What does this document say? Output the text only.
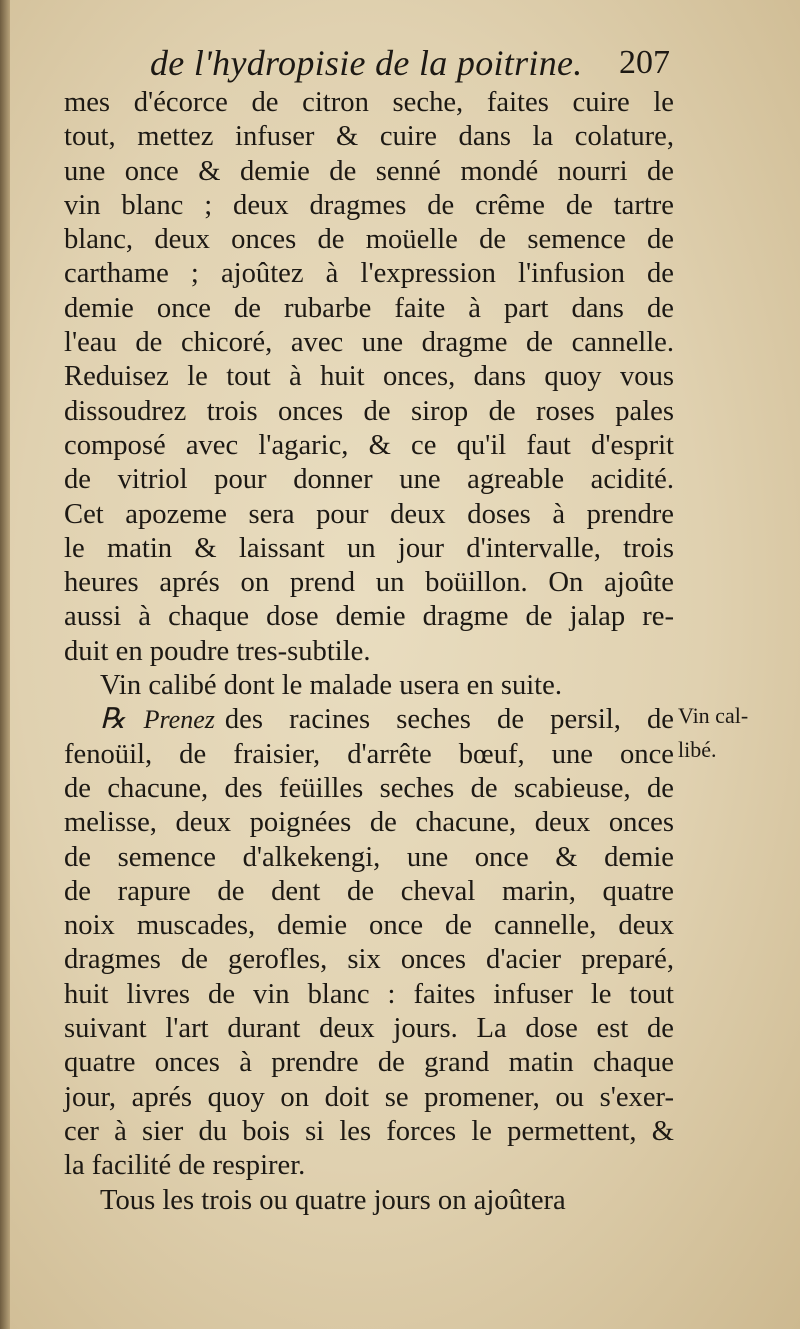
de l'hydropisie de la poitrine. 207
mes d'écorce de citron seche, faites cuire le
tout, mettez infuser & cuire dans la colature,
une once & demie de senné mondé nourri de
vin blanc ; deux dragmes de crême de tartre
blanc, deux onces de moüelle de semence de
carthame ; ajoûtez à l'expression l'infusion de
demie once de rubarbe faite à part dans de
l'eau de chicoré, avec une dragme de cannelle.
Reduisez le tout à huit onces, dans quoy vous
dissoudrez trois onces de sirop de roses pales
composé avec l'agaric, & ce qu'il faut d'esprit
de vitriol pour donner une agreable acidité.
Cet apozeme sera pour deux doses à prendre
le matin & laissant un jour d'intervalle, trois
heures aprés on prend un boüillon. On ajoûte
aussi à chaque dose demie dragme de jalap re-
duit en poudre tres-subtile.
Vin calibé dont le malade usera en suite.
℞ Prenez des racines seches de persil, de
fenoüil, de fraisier, d'arrête bœuf, une once
de chacune, des feüilles seches de scabieuse, de
melisse, deux poignées de chacune, deux onces
de semence d'alkekengi, une once & demie
de rapure de dent de cheval marin, quatre
noix muscades, demie once de cannelle, deux
dragmes de gerofles, six onces d'acier preparé,
huit livres de vin blanc : faites infuser le tout
suivant l'art durant deux jours. La dose est de
quatre onces à prendre de grand matin chaque
jour, aprés quoy on doit se promener, ou s'exer-
cer à sier du bois si les forces le permettent, &
la facilité de respirer.
Tous les trois ou quatre jours on ajoûtera
Vin cal-
libé.
